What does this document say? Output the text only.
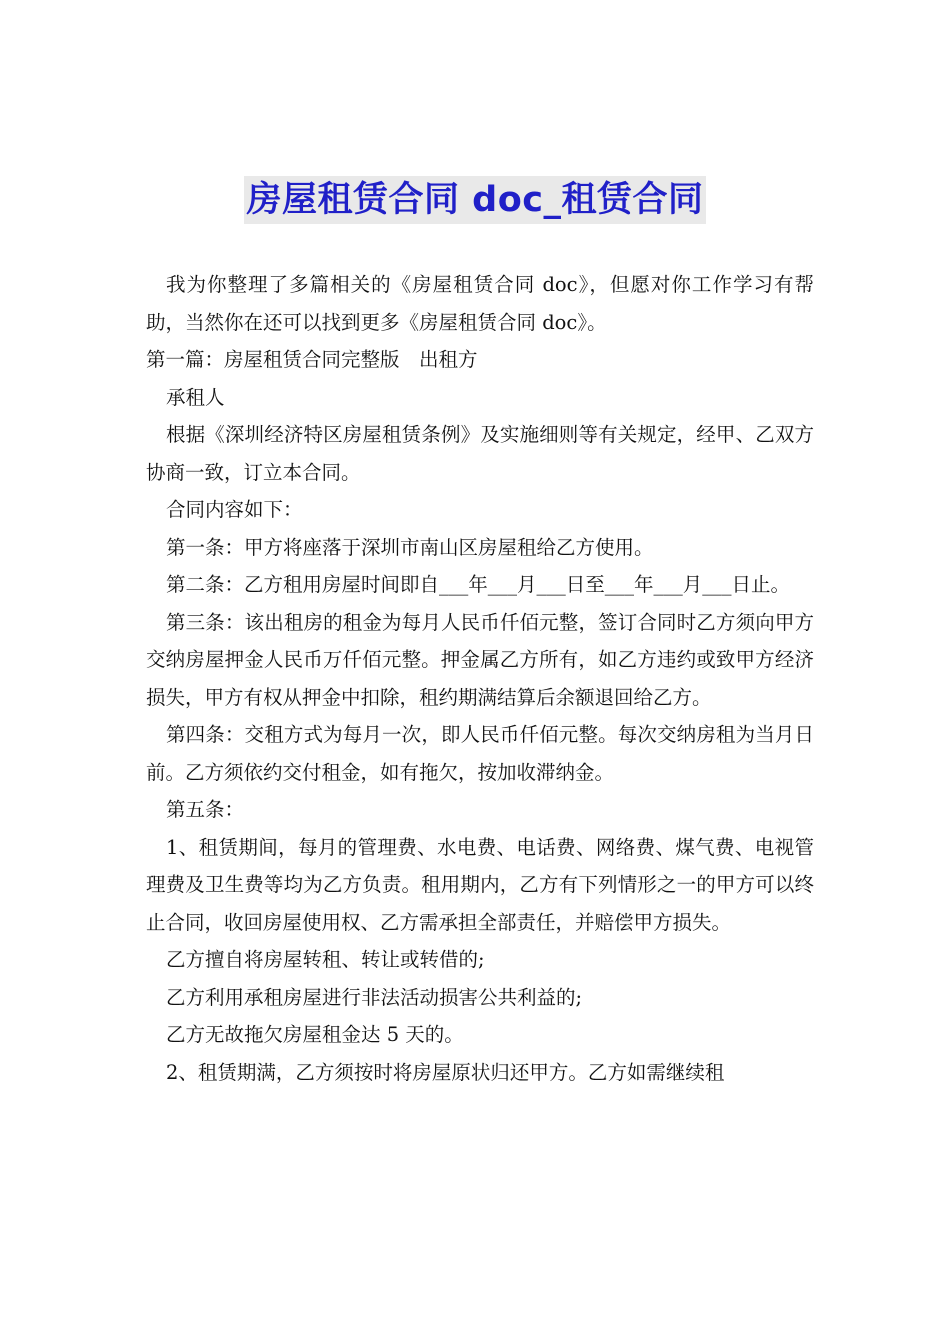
房屋租赁合同 doc_租赁合同

我为你整理了多篇相关的《房屋租赁合同 doc》，但愿对你工作学习有帮助，当然你在还可以找到更多《房屋租赁合同 doc》。

第一篇：房屋租赁合同完整版　出租方

承租人

根据《深圳经济特区房屋租赁条例》及实施细则等有关规定，经甲、乙双方协商一致，订立本合同。

合同内容如下：

第一条：甲方将座落于深圳市南山区房屋租给乙方使用。

第二条：乙方租用房屋时间即自___年___月___日至___年___月___日止。

第三条：该出租房的租金为每月人民币仟佰元整，签订合同时乙方须向甲方交纳房屋押金人民币万仟佰元整。押金属乙方所有，如乙方违约或致甲方经济损失，甲方有权从押金中扣除，租约期满结算后余额退回给乙方。

第四条：交租方式为每月一次，即人民币仟佰元整。每次交纳房租为当月日前。乙方须依约交付租金，如有拖欠，按加收滞纳金。

第五条：

1、租赁期间，每月的管理费、水电费、电话费、网络费、煤气费、电视管理费及卫生费等均为乙方负责。租用期内，乙方有下列情形之一的甲方可以终止合同，收回房屋使用权、乙方需承担全部责任，并赔偿甲方损失。

乙方擅自将房屋转租、转让或转借的;

乙方利用承租房屋进行非法活动损害公共利益的;

乙方无故拖欠房屋租金达 5 天的。

2、租赁期满，乙方须按时将房屋原状归还甲方。乙方如需继续租
